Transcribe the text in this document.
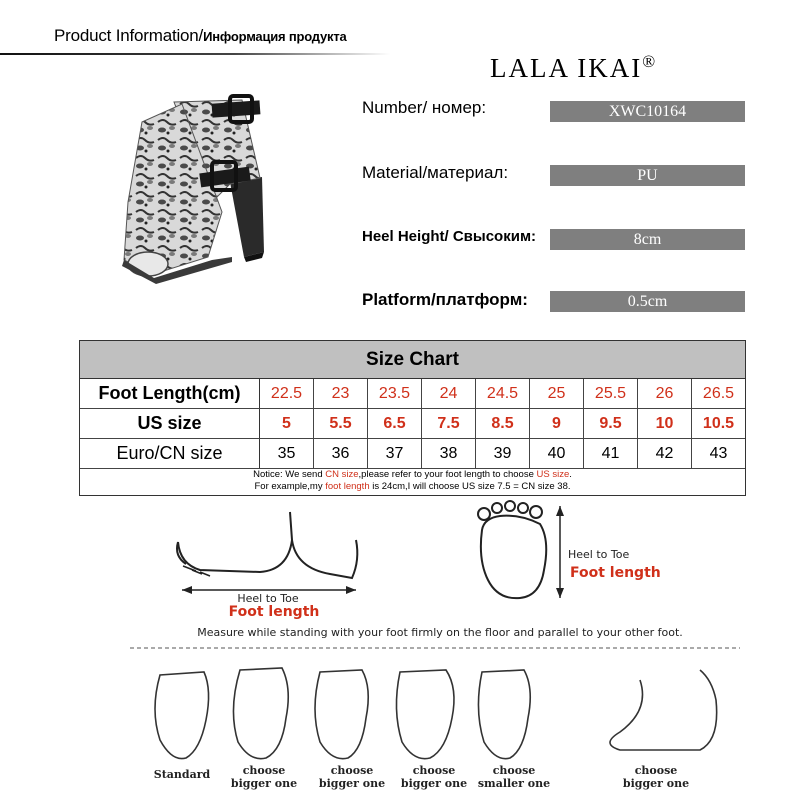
Product Information/Информация продукта
LALA IKAI®
Number/ номер:	XWC10164
Material/материал:	PU
Heel Height/ Свысоким:	8cm
Platform/платформ:	0.5cm
Size Chart
Foot Length(cm)	22.5	23	23.5	24	24.5	25	25.5	26	26.5
US size	5	5.5	6.5	7.5	8.5	9	9.5	10	10.5
Euro/CN size	35	36	37	38	39	40	41	42	43
Notice: We send CN size,please refer to your foot length to choose US size.
For example,my foot length is 24cm,I will choose US size 7.5 = CN size 38.
Heel to Toe
Foot length
Heel to Toe
Foot length
Measure while standing with your foot firmly on the floor and parallel to your other foot.
Standard	choose
bigger one
choose
bigger one
choose
bigger one
choose
smaller one
choose
bigger one
